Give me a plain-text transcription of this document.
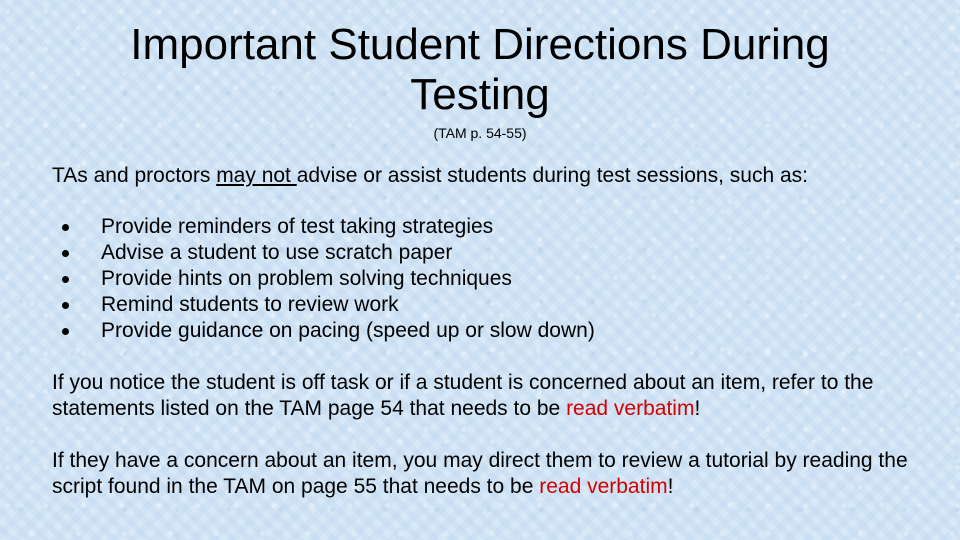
Important Student Directions During
Testing

(TAM p. 54-55)

TAs and proctors may not advise or assist students during test sessions, such as:

Provide reminders of test taking strategies
Advise a student to use scratch paper
Provide hints on problem solving techniques
Remind students to review work
Provide guidance on pacing (speed up or slow down)

If you notice the student is off task or if a student is concerned about an item, refer to the statements listed on the TAM page 54 that needs to be read verbatim!

If they have a concern about an item, you may direct them to review a tutorial by reading the script found in the TAM on page 55 that needs to be read verbatim!
